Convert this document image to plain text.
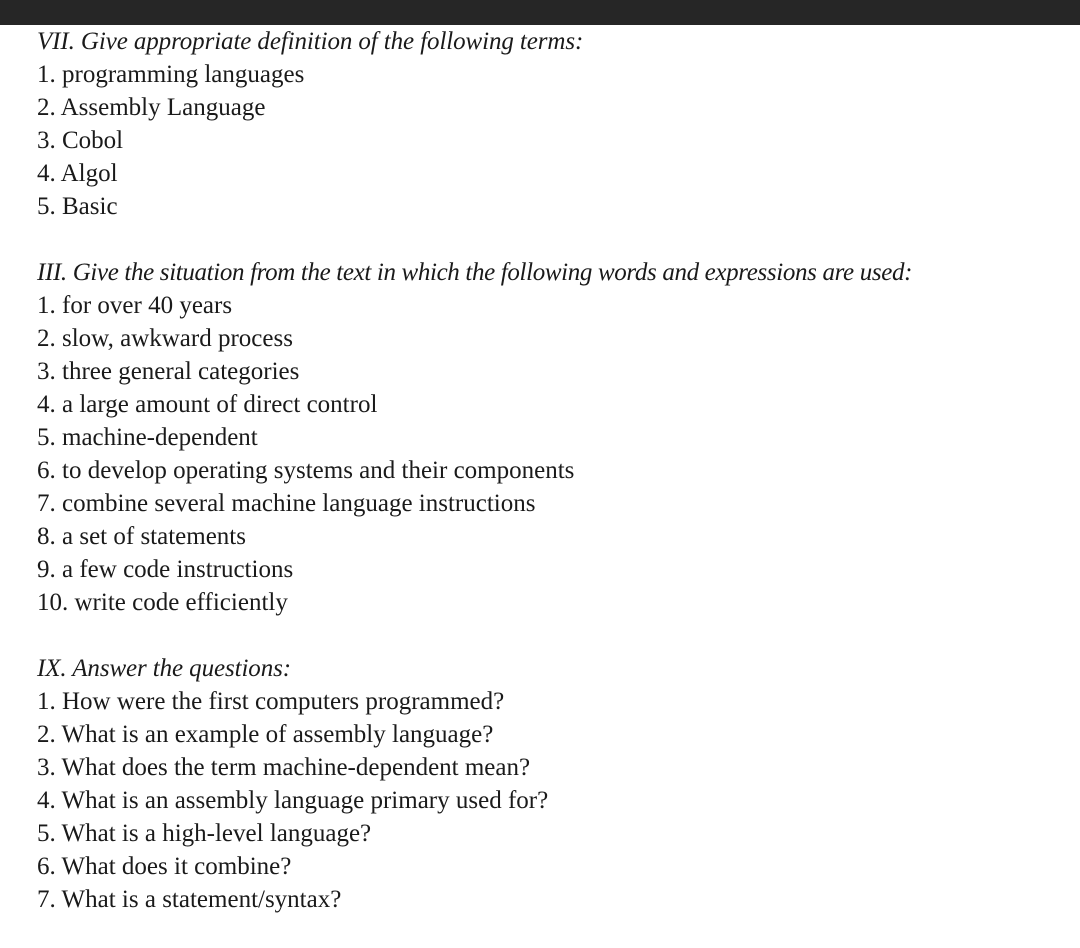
VII. Give appropriate definition of the following terms:
1. programming languages
2. Assembly Language
3. Cobol
4. Algol
5. Basic
III. Give the situation from the text in which the following words and expressions are used:
1. for over 40 years
2. slow, awkward process
3. three general categories
4. a large amount of direct control
5. machine-dependent
6. to develop operating systems and their components
7. combine several machine language instructions
8. a set of statements
9. a few code instructions
10. write code efficiently
IX. Answer the questions:
1. How were the first computers programmed?
2. What is an example of assembly language?
3. What does the term machine-dependent mean?
4. What is an assembly language primary used for?
5. What is a high-level language?
6. What does it combine?
7. What is a statement/syntax?
